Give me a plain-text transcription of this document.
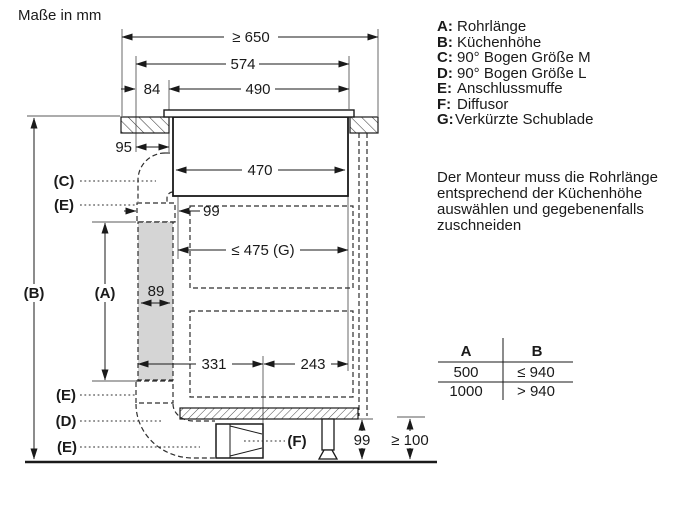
Maße in mm
≥ 650
574
84	490
95
470
99
≤ 475 (G)
89
331	243
99 ≥ 100
(A)
(B)
(C)
(E)
(E)
(D)
(E)	(F)
A: Rohrlänge
B: Küchenhöhe
C: 90° Bogen Größe M
D: 90° Bogen Größe L
E: Anschlussmuffe
F: Diffusor
G:Verkürzte Schublade
Der Monteur muss die Rohrlänge
entsprechend der Küchenhöhe
auswählen und gegebenenfalls
zuschneiden
A	B
500	≤ 940
1000 > 940
